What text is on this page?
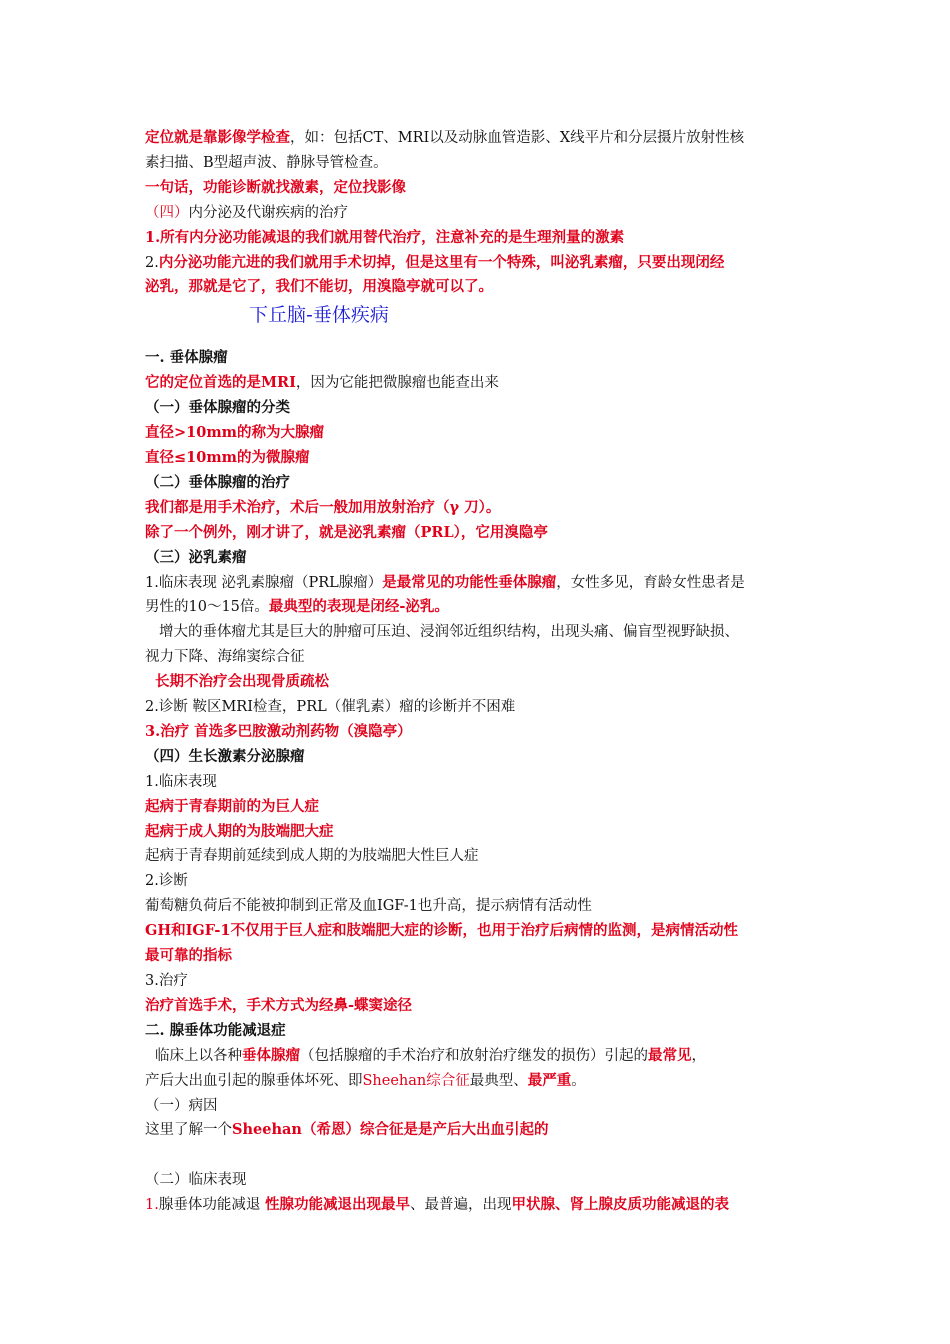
定位就是靠影像学检查，如：包括CT、MRI以及动脉血管造影、X线平片和分层摄片放射性核
素扫描、B型超声波、静脉导管检查。
一句话，功能诊断就找激素，定位找影像
（四）内分泌及代谢疾病的治疗
1.所有内分泌功能减退的我们就用替代治疗，注意补充的是生理剂量的激素
2.内分泌功能亢进的我们就用手术切掉，但是这里有一个特殊，叫泌乳素瘤，只要出现闭经
泌乳，那就是它了，我们不能切，用溴隐亭就可以了。
下丘脑-垂体疾病
一. 垂体腺瘤
它的定位首选的是MRI，因为它能把微腺瘤也能查出来
（一）垂体腺瘤的分类
直径>10mm的称为大腺瘤
直径≤10mm的为微腺瘤
（二）垂体腺瘤的治疗
我们都是用手术治疗，术后一般加用放射治疗（γ 刀）。
除了一个例外，刚才讲了，就是泌乳素瘤（PRL），它用溴隐亭
（三）泌乳素瘤
1.临床表现 泌乳素腺瘤（PRL腺瘤）是最常见的功能性垂体腺瘤，女性多见，育龄女性患者是
男性的10～15倍。最典型的表现是闭经-泌乳。
增大的垂体瘤尤其是巨大的肿瘤可压迫、浸润邻近组织结构，出现头痛、偏盲型视野缺损、
视力下降、海绵窦综合征
长期不治疗会出现骨质疏松
2.诊断 鞍区MRI检查，PRL（催乳素）瘤的诊断并不困难
3.治疗 首选多巴胺激动剂药物（溴隐亭）
（四）生长激素分泌腺瘤
1.临床表现
起病于青春期前的为巨人症
起病于成人期的为肢端肥大症
起病于青春期前延续到成人期的为肢端肥大性巨人症
2.诊断
葡萄糖负荷后不能被抑制到正常及血IGF-1也升高，提示病情有活动性
GH和IGF-1不仅用于巨人症和肢端肥大症的诊断，也用于治疗后病情的监测，是病情活动性
最可靠的指标
3.治疗
治疗首选手术，手术方式为经鼻-蝶窦途径
二. 腺垂体功能减退症
临床上以各种垂体腺瘤（包括腺瘤的手术治疗和放射治疗继发的损伤）引起的最常见，
产后大出血引起的腺垂体坏死、即Sheehan综合征最典型、最严重。
（一）病因
这里了解一个Sheehan（希恩）综合征是是产后大出血引起的

（二）临床表现
1.腺垂体功能减退 性腺功能减退出现最早、最普遍，出现甲状腺、肾上腺皮质功能减退的表
